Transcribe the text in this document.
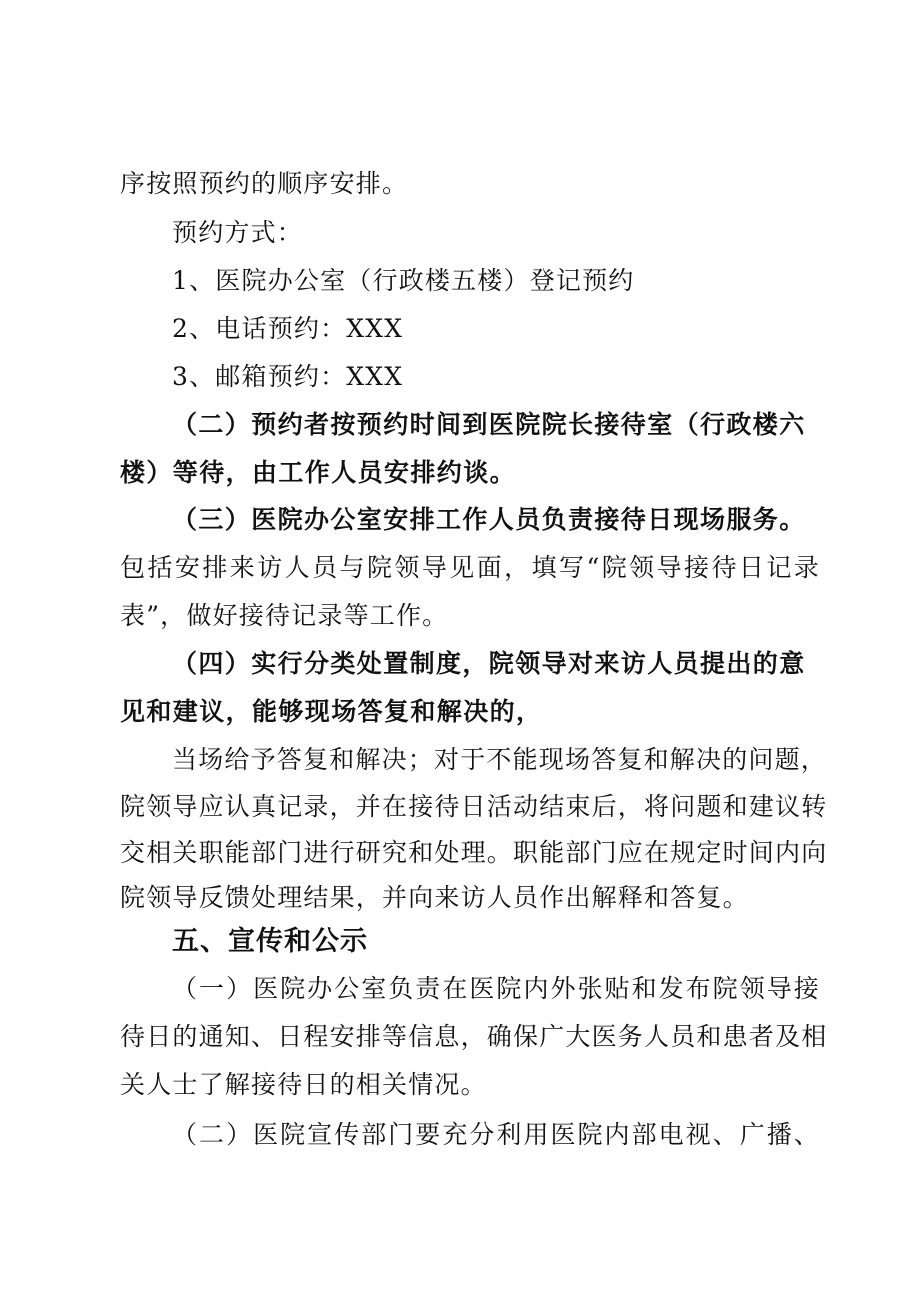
序按照预约的顺序安排。
预约方式：
1、医院办公室（行政楼五楼）登记预约
2、电话预约：XXX
3、邮箱预约：XXX
（二）预约者按预约时间到医院院长接待室（行政楼六
楼）等待，由工作人员安排约谈。
（三）医院办公室安排工作人员负责接待日现场服务。
包括安排来访人员与院领导见面，填写“院领导接待日记录
表”，做好接待记录等工作。
（四）实行分类处置制度，院领导对来访人员提出的意
见和建议，能够现场答复和解决的，
当场给予答复和解决；对于不能现场答复和解决的问题，
院领导应认真记录，并在接待日活动结束后，将问题和建议转
交相关职能部门进行研究和处理。职能部门应在规定时间内向
院领导反馈处理结果，并向来访人员作出解释和答复。
五、宣传和公示
（一）医院办公室负责在医院内外张贴和发布院领导接
待日的通知、日程安排等信息，确保广大医务人员和患者及相
关人士了解接待日的相关情况。
（二）医院宣传部门要充分利用医院内部电视、广播、
